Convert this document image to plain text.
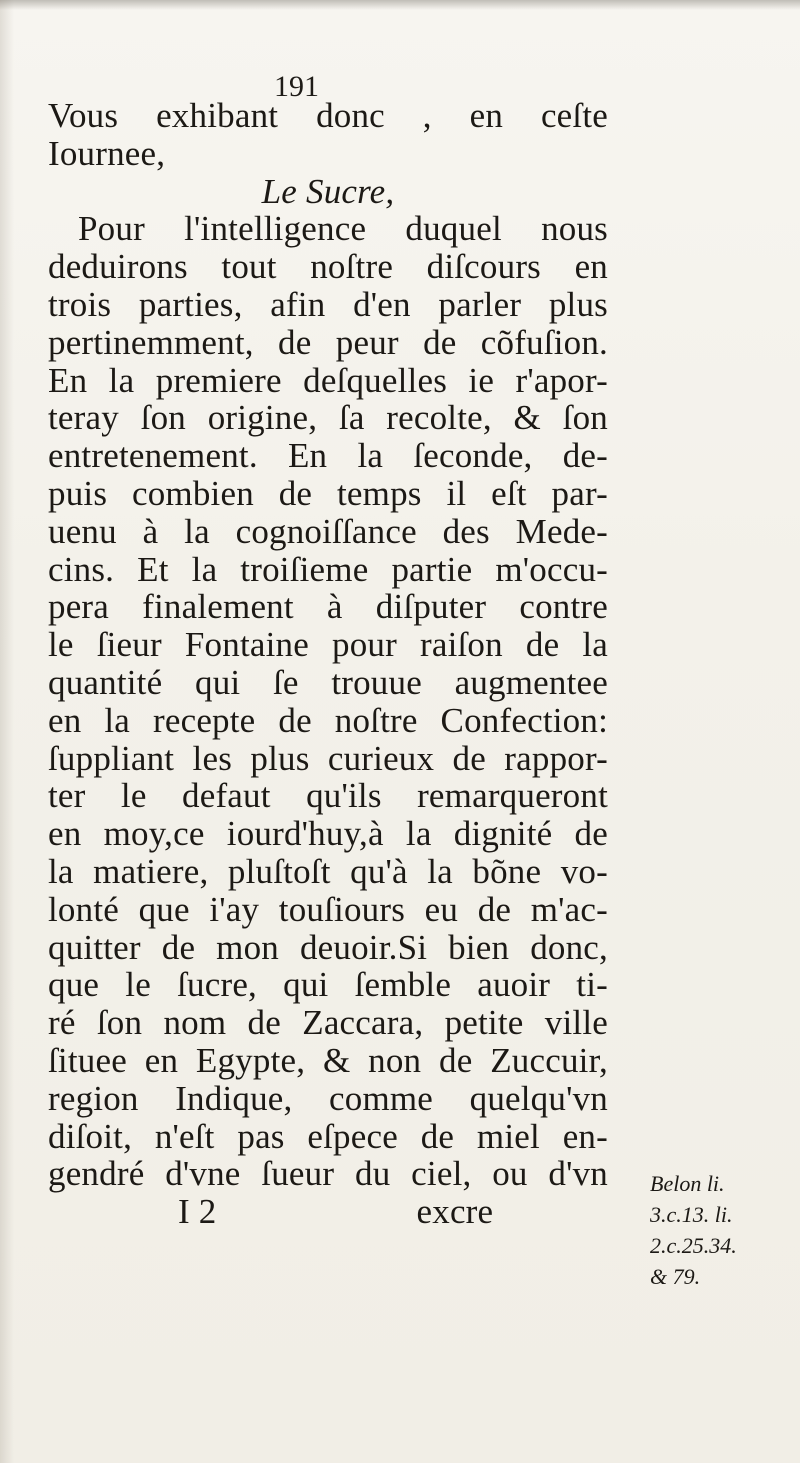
191
Vous exhibant donc , en ceſte
Iournee,
Le Sucre,
Pour l'intelligence duquel nous
deduirons tout noſtre diſcours en
trois parties, afin d'en parler plus
pertinemment, de peur de cõfuſion.
En la premiere deſquelles ie r'apor-
teray ſon origine, ſa recolte, & ſon
entretenement. En la ſeconde, de-
puis combien de temps il eſt par-
uenu à la cognoiſſance des Mede-
cins. Et la troiſieme partie m'occu-
pera finalement à diſputer contre
le ſieur Fontaine pour raiſon de la
quantité qui ſe trouue augmentee
en la recepte de noſtre Confection:
ſuppliant les plus curieux de rappor-
ter le defaut qu'ils remarqueront
en moy,ce iourd'huy,à la dignité de
la matiere, pluſtoſt qu'à la bõne vo-
lonté que i'ay touſiours eu de m'ac-
quitter de mon deuoir.Si bien donc,
que le ſucre, qui ſemble auoir ti-
ré ſon nom de Zaccara, petite ville
ſituee en Egypte, & non de Zuccuir,
region Indique, comme quelqu'vn
diſoit, n'eſt pas eſpece de miel en-
gendré d'vne ſueur du ciel, ou d'vn
I 2	excre
Belon li.
3.c.13. li.
2.c.25.34.
& 79.
